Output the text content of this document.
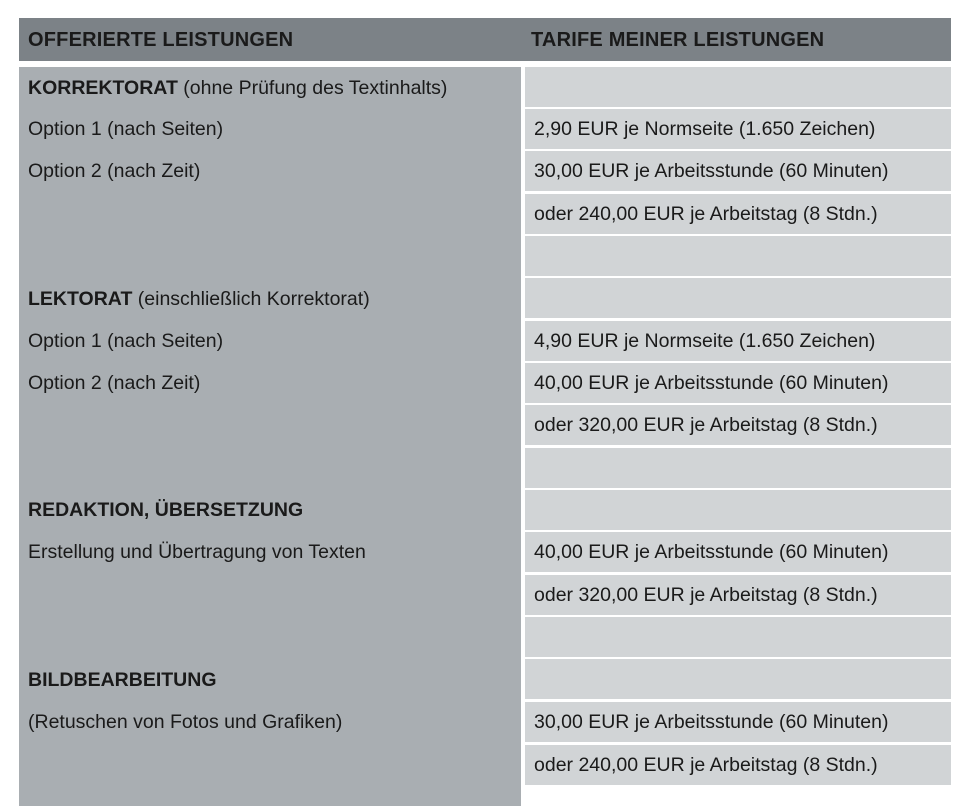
OFFERIERTE LEISTUNGEN	TARIFE MEINER LEISTUNGEN
KORREKTORAT (ohne Prüfung des Textinhalts)
Option 1 (nach Seiten)
Option 2 (nach Zeit)
LEKTORAT (einschließlich Korrektorat)
Option 1 (nach Seiten)
Option 2 (nach Zeit)
REDAKTION, ÜBERSETZUNG
Erstellung und Übertragung von Texten
BILDBEARBEITUNG
(Retuschen von Fotos und Grafiken)
2,90 EUR je Normseite (1.650 Zeichen)
30,00 EUR je Arbeitsstunde (60 Minuten)
oder 240,00 EUR je Arbeitstag (8 Stdn.)
4,90 EUR je Normseite (1.650 Zeichen)
40,00 EUR je Arbeitsstunde (60 Minuten)
oder 320,00 EUR je Arbeitstag (8 Stdn.)
40,00 EUR je Arbeitsstunde (60 Minuten)
oder 320,00 EUR je Arbeitstag (8 Stdn.)
30,00 EUR je Arbeitsstunde (60 Minuten)
oder 240,00 EUR je Arbeitstag (8 Stdn.)
